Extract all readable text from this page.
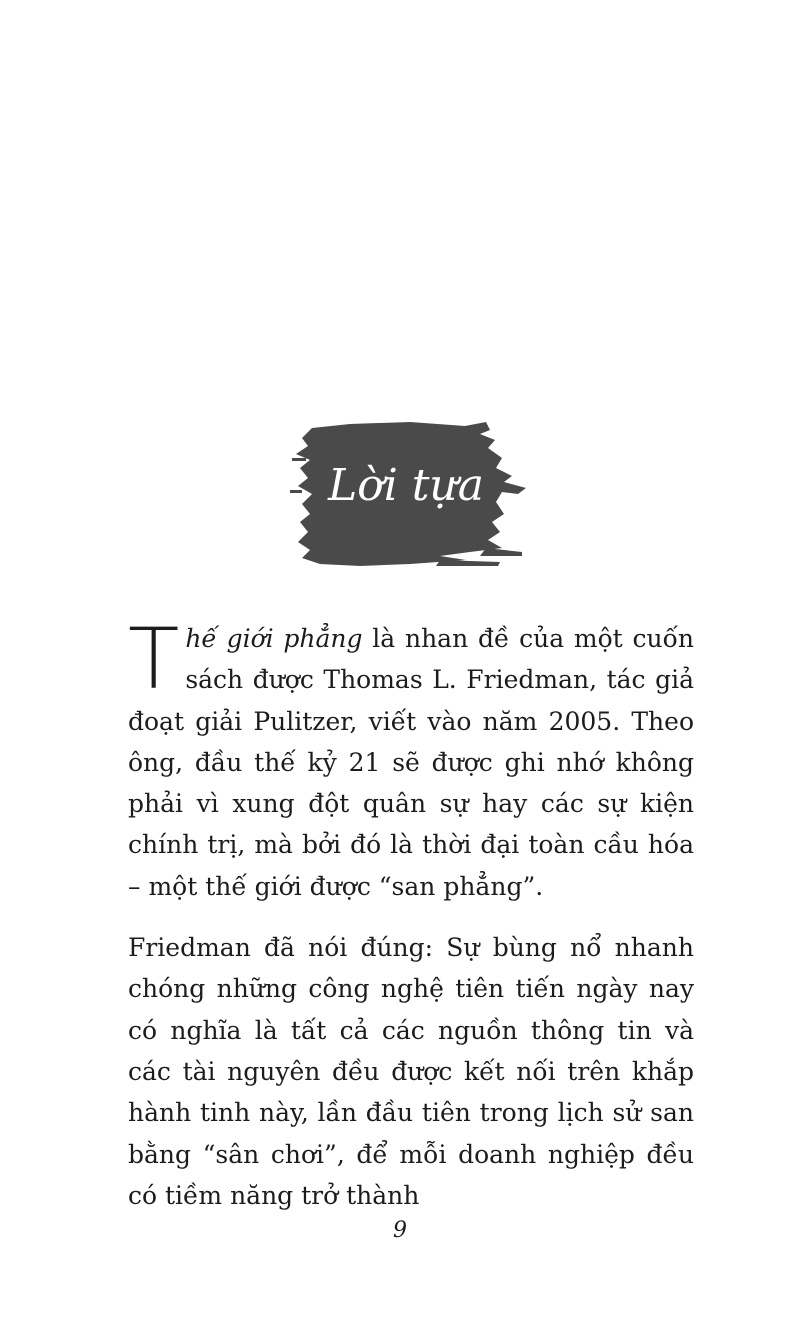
Lời tựa

Thế giới phẳng là nhan đề của một cuốn sách được Thomas L. Friedman, tác giả đoạt giải Pulitzer, viết vào năm 2005. Theo ông, đầu thế kỷ 21 sẽ được ghi nhớ không phải vì xung đột quân sự hay các sự kiện chính trị, mà bởi đó là thời đại toàn cầu hóa – một thế giới được “san phẳng”.

Friedman đã nói đúng: Sự bùng nổ nhanh chóng những công nghệ tiên tiến ngày nay có nghĩa là tất cả các nguồn thông tin và các tài nguyên đều được kết nối trên khắp hành tinh này, lần đầu tiên trong lịch sử san bằng “sân chơi”, để mỗi doanh nghiệp đều có tiềm năng trở thành

9
